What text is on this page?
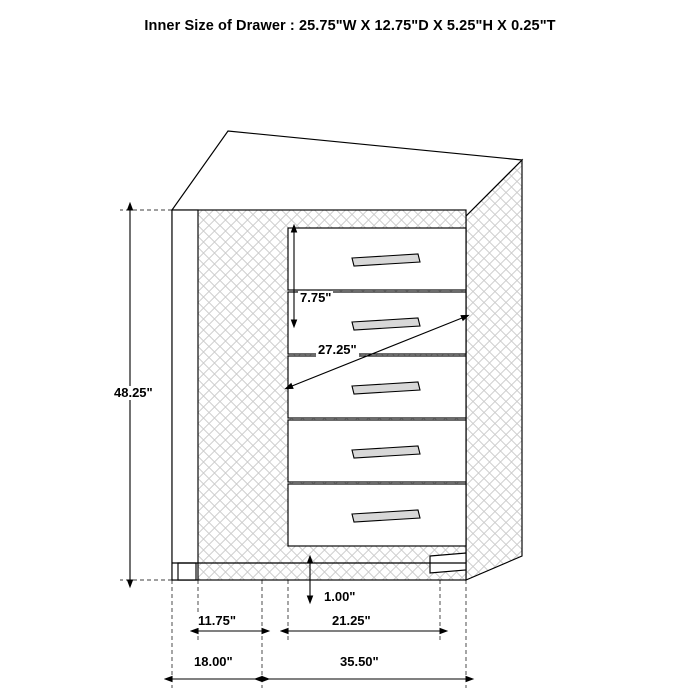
Inner Size of Drawer : 25.75"W X 12.75"D X 5.25"H X 0.25"T
7.75"
27.25"
48.25"
1.00"
11.75"
18.00"
21.25"
35.50"
